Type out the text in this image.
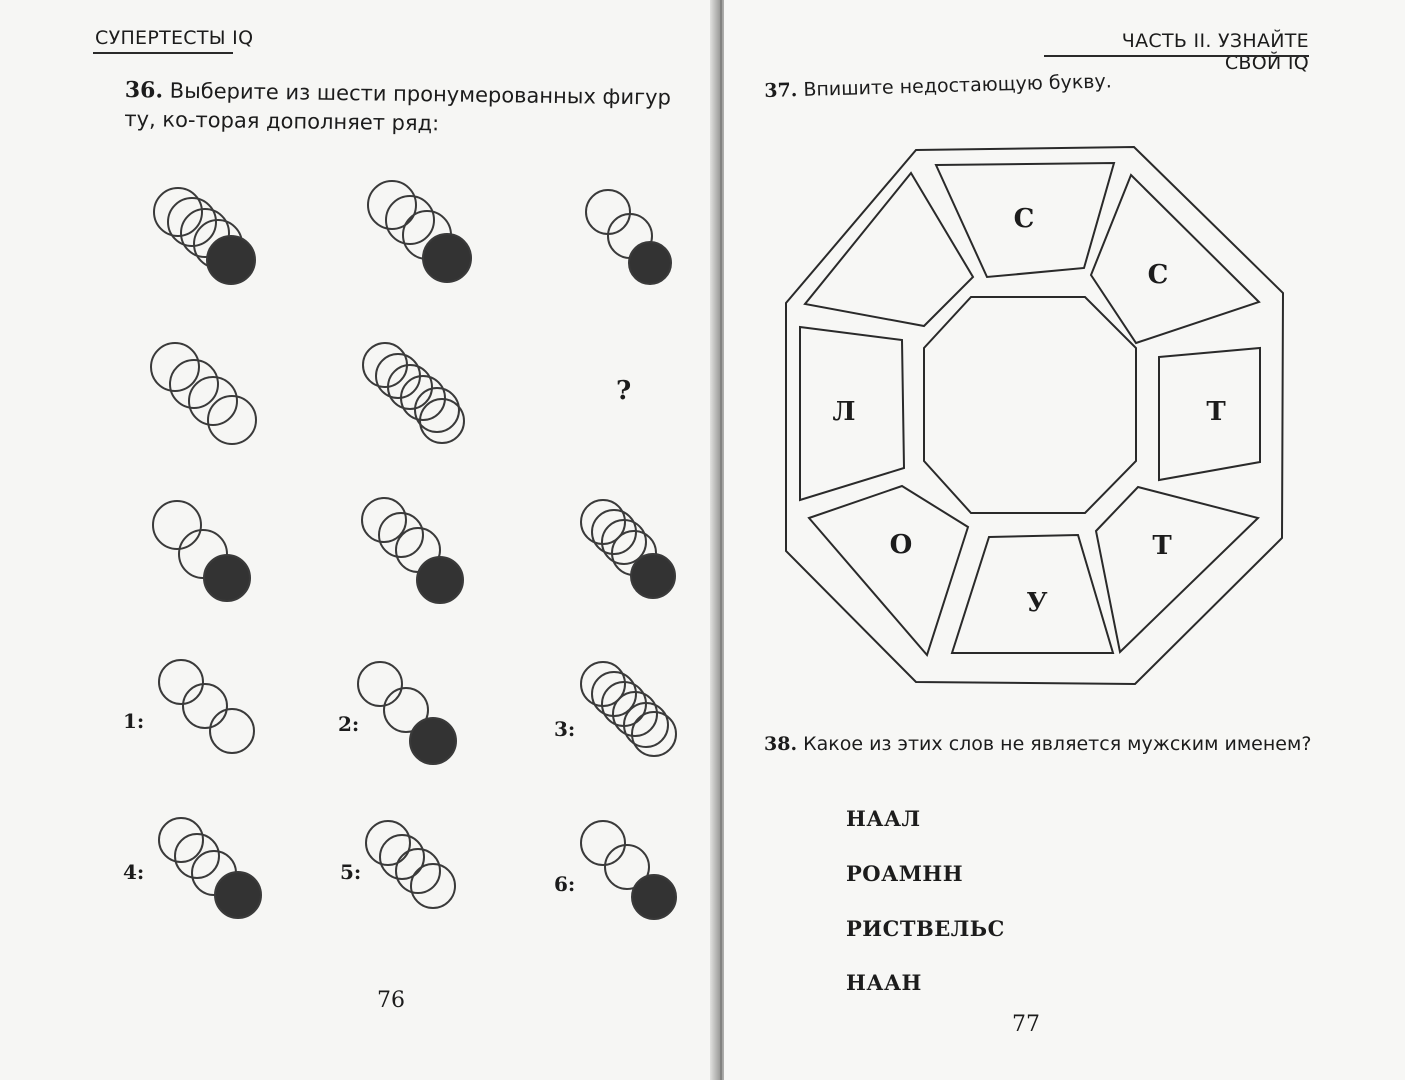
СУПЕРТЕСТЫ IQ
36. Выберите из шести пронумерованных фигур ту, ко-торая дополняет ряд:
?
1:	2:	3:
4:	5:	6:
76
ЧАСТЬ II. УЗНАЙТЕ СВОЙ IQ
37. Впишите недостающую букву.
С
С
Т
Т
У
О
Л
38. Какое из этих слов не является мужским именем?
НААЛ
РОАМНН
РИСТВЕЛЬС
НААН
77
